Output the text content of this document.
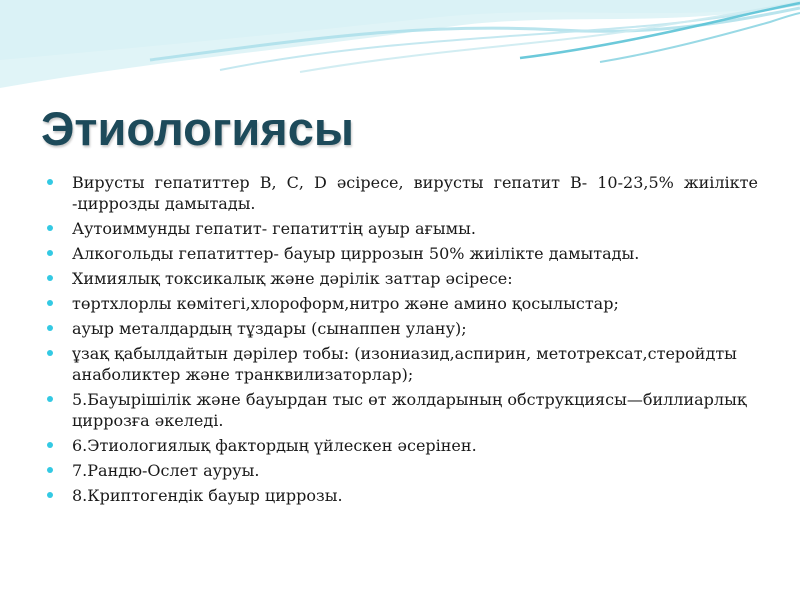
Этиологиясы
Вирусты гепатиттер В, С, D әсіресе, вирусты гепатит В- 10-23,5% жиілікте -циррозды дамытады.
Аутоиммунды гепатит- гепатиттің ауыр ағымы.
Алкогольды гепатиттер- бауыр циррозын 50% жиілікте дамытады.
Химиялық токсикалық және дәрілік заттар әсіресе:
төртхлорлы көмітегі,хлороформ,нитро және амино қосылыстар;
ауыр металдардың тұздары (сынаппен улану);
ұзақ қабылдайтын дәрілер тобы: (изониазид,аспирин, метотрексат,стеройдты анаболиктер және транквилизаторлар);
5.Бауырішілік және бауырдан тыс өт жолдарының обструкциясы—биллиарлық циррозға әкеледі.
6.Этиологиялық фактордың үйлескен әсерінен.
7.Рандю-Ослет ауруы.
8.Криптогендік бауыр циррозы.
